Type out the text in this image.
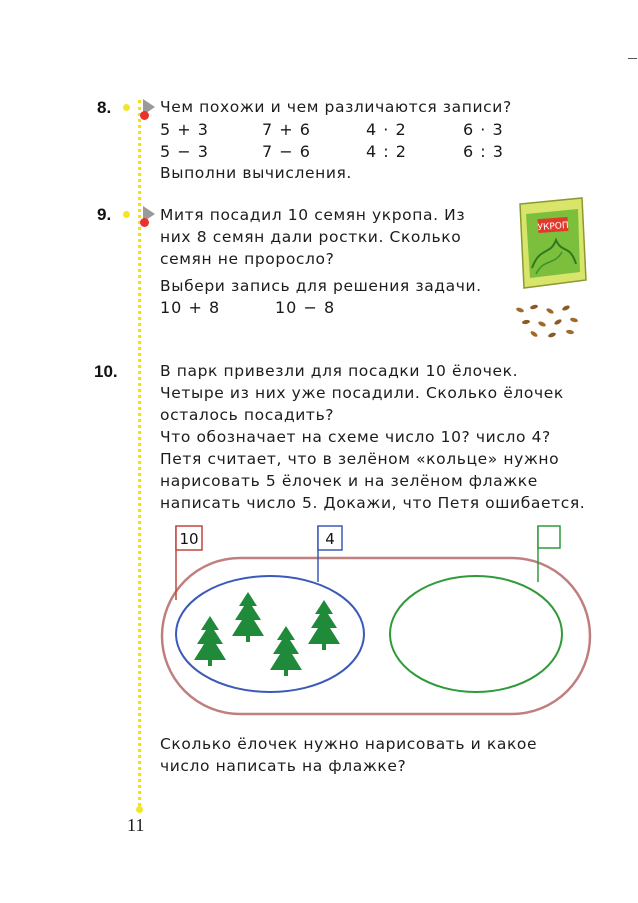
8.	Чем похожи и чем различаются записи?
5 + 3	7 + 6	4 · 2	6 · 3
5 − 3	7 − 6	4 : 2	6 : 3
Выполни вычисления.
9.	Митя посадил 10 семян укропа. Из
них 8 семян дали ростки. Сколько
семян не проросло?
Выбери запись для решения задачи.
10 + 8	10 − 8
УКРОП
10.	В парк привезли для посадки 10 ёлочек.
Четыре из них уже посадили. Сколько ёлочек
осталось посадить?
Что обозначает на схеме число 10? число 4?
Петя считает, что в зелёном «кольце» нужно
нарисовать 5 ёлочек и на зелёном флажке
написать число 5. Докажи, что Петя ошибается.
10	4
Сколько ёлочек нужно нарисовать и какое
число написать на флажке?
11
